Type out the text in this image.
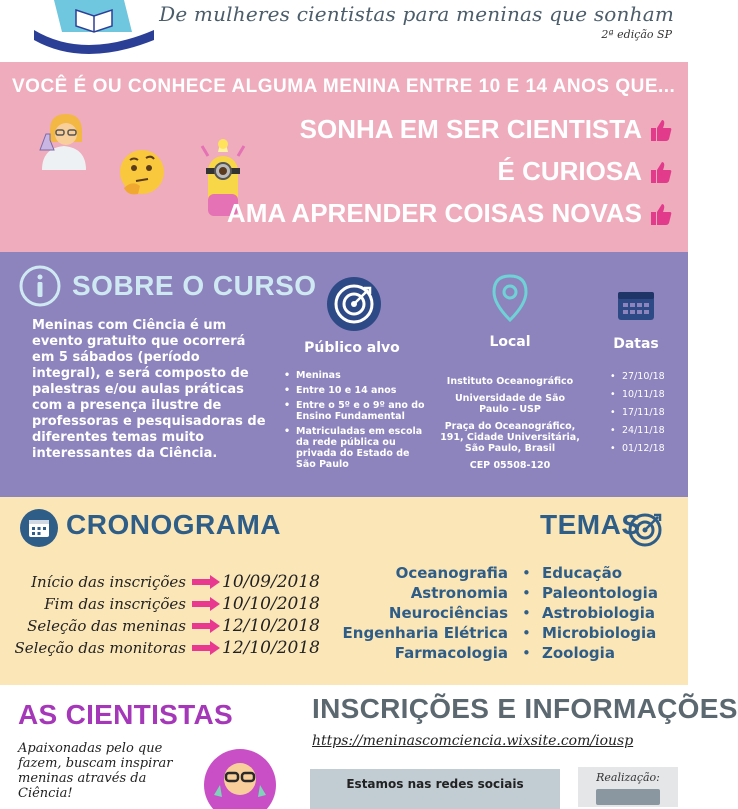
De mulheres cientistas para meninas que sonham
2ª edição SP
VOCÊ É OU CONHECE ALGUMA MENINA ENTRE 10 E 14 ANOS QUE...
SONHA EM SER CIENTISTA
É CURIOSA
AMA APRENDER COISAS NOVAS
SOBRE O CURSO
Meninas com Ciência é um evento gratuito que ocorrerá em 5 sábados (período integral), e será composto de palestras e/ou aulas práticas com a presença ilustre de professoras e pesquisadoras de diferentes temas muito interessantes da Ciência.
Público alvo
• Meninas
• Entre 10 e 14 anos
• Entre o 5º e o 9º ano do Ensino Fundamental
• Matriculadas em escola da rede pública ou privada do Estado de São Paulo
Local
Instituto Oceanográfico
Universidade de São Paulo - USP
Praça do Oceanográfico, 191, Cidade Universitária, São Paulo, Brasil
CEP 05508-120
Datas
• 27/10/18
• 10/11/18
• 17/11/18
• 24/11/18
• 01/12/18
CRONOGRAMA
Início das inscrições 10/09/2018
Fim das inscrições 10/10/2018
Seleção das meninas 12/10/2018
Seleção das monitoras 12/10/2018
TEMAS
Oceanografia
Astronomia
Neurociências
Engenharia Elétrica
Farmacologia
•
•
•
•
•
Educação
Paleontologia
Astrobiologia
Microbiologia
Zoologia
AS CIENTISTAS
Apaixonadas pelo que fazem, buscam inspirar meninas através da Ciência!
INSCRIÇÕES E INFORMAÇÕES
https://meninascomciencia.wixsite.com/iousp
Estamos nas redes sociais	Realização:
